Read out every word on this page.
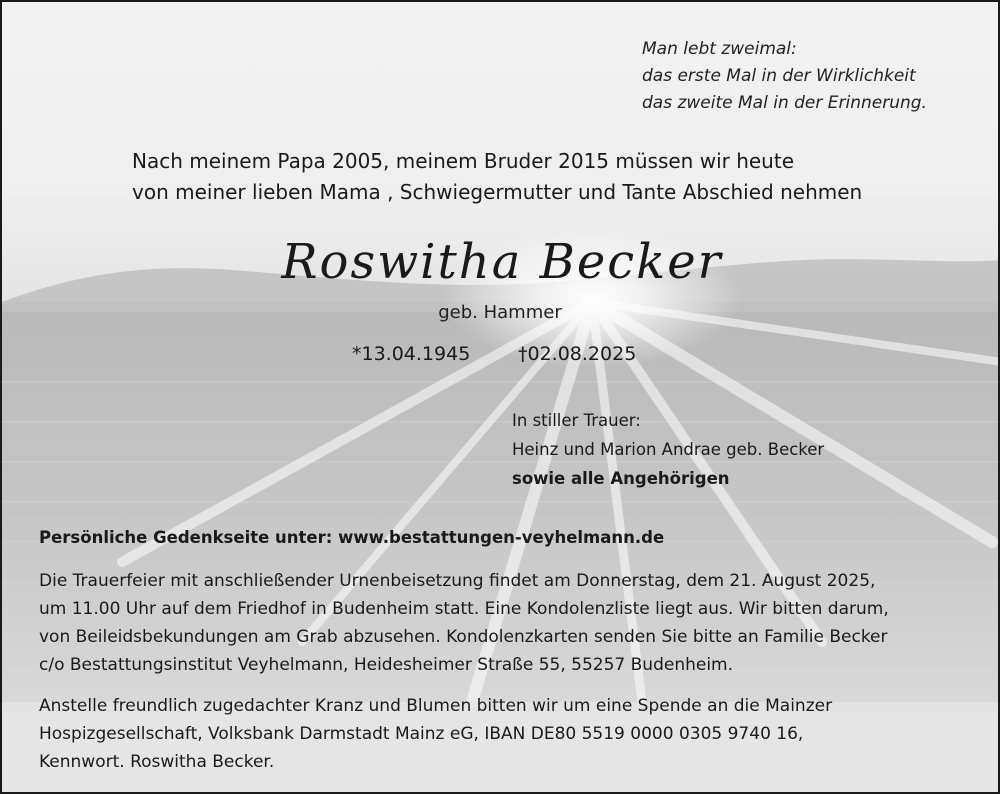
Man lebt zweimal:
das erste Mal in der Wirklichkeit
das zweite Mal in der Erinnerung.
Nach meinem Papa 2005, meinem Bruder 2015 müssen wir heute
von meiner lieben Mama , Schwiegermutter und Tante Abschied nehmen
Roswitha Becker
geb. Hammer
*13.04.1945	†02.08.2025
In stiller Trauer:
Heinz und Marion Andrae geb. Becker
sowie alle Angehörigen
Persönliche Gedenkseite unter: www.bestattungen-veyhelmann.de
Die Trauerfeier mit anschließender Urnenbeisetzung findet am Donnerstag, dem 21. August 2025,
um 11.00 Uhr auf dem Friedhof in Budenheim statt. Eine Kondolenzliste liegt aus. Wir bitten darum,
von Beileidsbekundungen am Grab abzusehen. Kondolenzkarten senden Sie bitte an Familie Becker
c/o Bestattungsinstitut Veyhelmann, Heidesheimer Straße 55, 55257 Budenheim.
Anstelle freundlich zugedachter Kranz und Blumen bitten wir um eine Spende an die Mainzer
Hospizgesellschaft, Volksbank Darmstadt Mainz eG, IBAN DE80 5519 0000 0305 9740 16,
Kennwort. Roswitha Becker.
